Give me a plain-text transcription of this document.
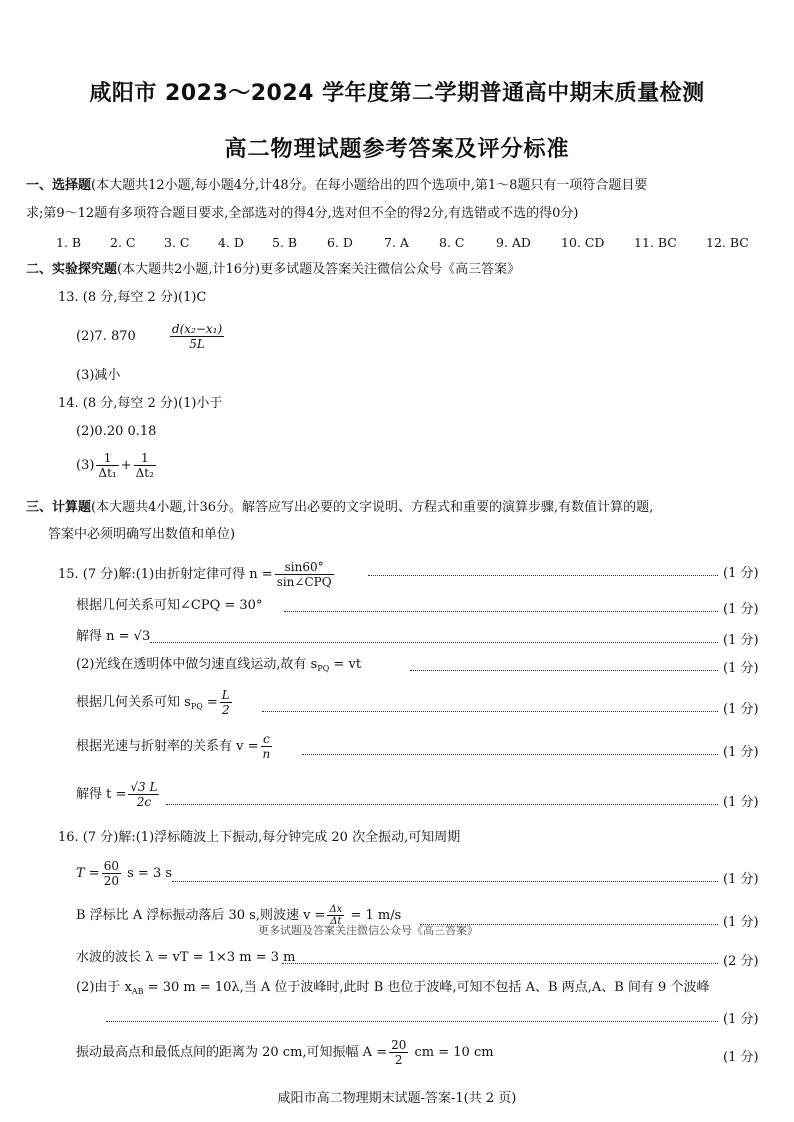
咸阳市 2023～2024 学年度第二学期普通高中期末质量检测
高二物理试题参考答案及评分标准
一、选择题(本大题共12小题,每小题4分,计48分。在每小题给出的四个选项中,第1～8题只有一项符合题目要
求;第9～12题有多项符合题目要求,全部选对的得4分,选对但不全的得2分,有选错或不选的得0分)
1. B 2. C 3. C 4. D 5. B 6. D 7. A 8. C	9. AD 10. CD 11. BC 12. BC
二、实验探究题(本大题共2小题,计16分)更多试题及答案关注微信公众号《高三答案》
13. (8 分,每空 2 分)(1)C
(2)7. 870	$\frac{\text{d(x₂−x₁)}}{5L}$
(3)减小
14. (8 分,每空 2 分)(1)小于
(2)0.20 0.18
$(3) \frac{1}{\text{Δt₁}} + \frac{1}{\text{Δt₂}}$
三、计算题(本大题共4小题,计36分。解答应写出必要的文字说明、方程式和重要的演算步骤,有数值计算的题,
答案中必须明确写出数值和单位)
15. (7 分)解:(1)由折射定律可得 $n = \frac{\sin 60^\circ}{\text{sin∠CPQ}}$	(1 分)
根据几何关系可知∠CPQ = 30°	(1 分)
解得 n = √3	(1 分)
(2)光线在透明体中做匀速直线运动,故有 $s_{PQ}$ = vt	(1 分)
根据几何关系可知 $s_{PQ} = \frac{L}{2}$	(1 分)
根据光速与折射率的关系有 $v = \frac{c}{n}$	(1 分)
解得 $t = \frac{√3 L}{2c}$	(1 分)
16. (7 分)解:(1)浮标随波上下振动,每分钟完成 20 次全振动,可知周期
$T = \frac{60}{20}$ s = 3 s	(1 分)
B 浮标比 A 浮标振动落后 30 s,则波速 $v = \frac{\Delta x}{\Delta t} = 1$ m/s	(1 分)
更多试题及答案关注微信公众号《高三答案》
水波的波长 λ = vT = 1×3 m = 3 m	(2 分)
(2)由于 $x_{AB} = 30$ m = 10λ,当 A 位于波峰时,此时 B 也位于波峰,可知不包括 A、B 两点,A、B 间有 9 个波峰
(1 分)
振动最高点和最低点间的距离为 20 cm,可知振幅 $A = \frac{20}{2}$ cm = 10 cm	(1 分)
咸阳市高二物理期末试题-答案-1(共 2 页)
